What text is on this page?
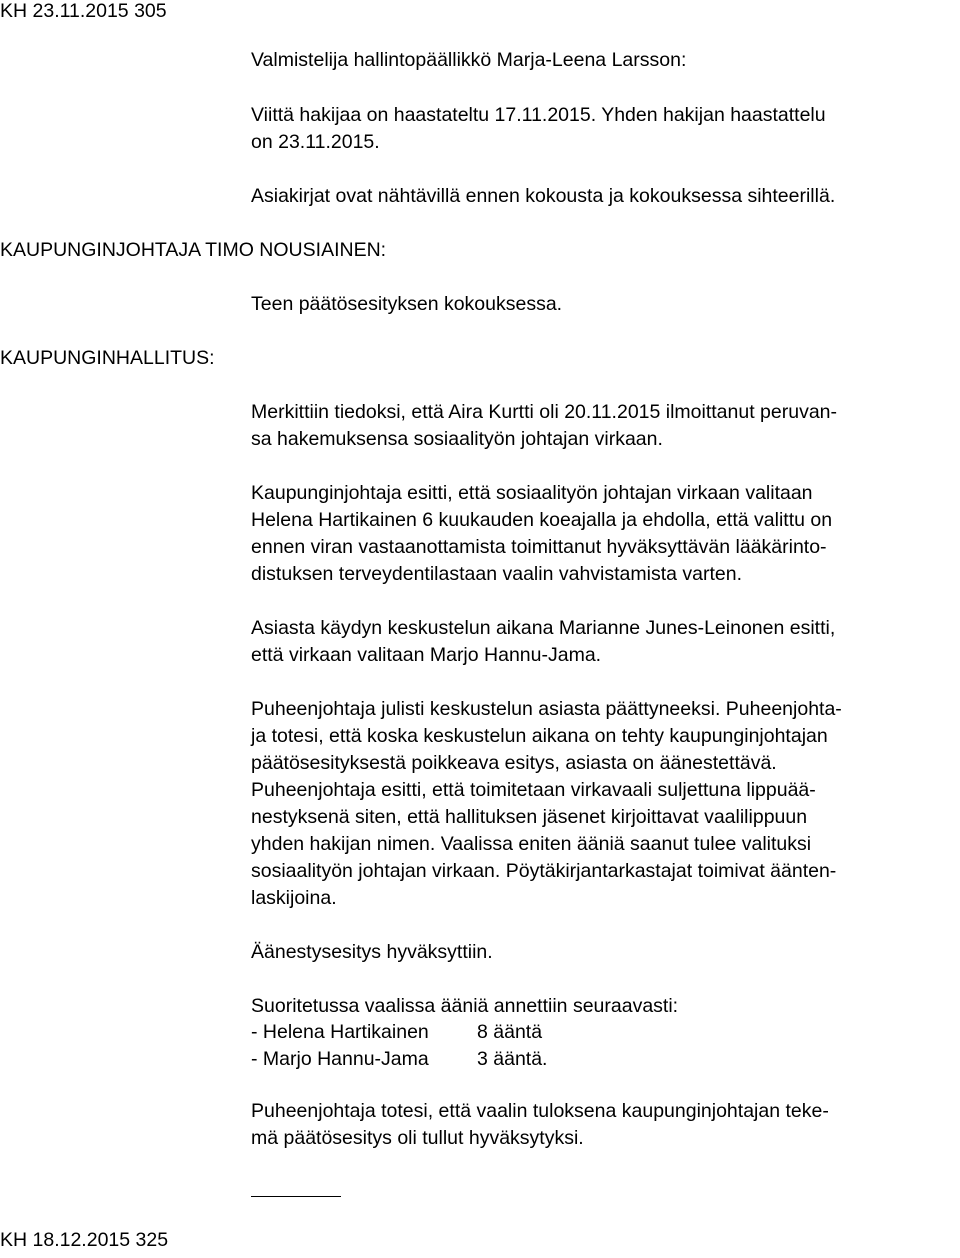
KH 23.11.2015 305
Valmistelija hallintopäällikkö Marja-Leena Larsson:
Viittä hakijaa on haastateltu 17.11.2015. Yhden hakijan haastattelu
on 23.11.2015.
Asiakirjat ovat nähtävillä ennen kokousta ja kokouksessa sihteerillä.
KAUPUNGINJOHTAJA TIMO NOUSIAINEN:
Teen päätösesityksen kokouksessa.
KAUPUNGINHALLITUS:
Merkittiin tiedoksi, että Aira Kurtti oli 20.11.2015 ilmoittanut peruvan-
sa hakemuksensa sosiaalityön johtajan virkaan.
Kaupunginjohtaja esitti, että sosiaalityön johtajan virkaan valitaan
Helena Hartikainen 6 kuukauden koeajalla ja ehdolla, että valittu on
ennen viran vastaanottamista toimittanut hyväksyttävän lääkärinto-
distuksen terveydentilastaan vaalin vahvistamista varten.
Asiasta käydyn keskustelun aikana Marianne Junes-Leinonen esitti,
että virkaan valitaan Marjo Hannu-Jama.
Puheenjohtaja julisti keskustelun asiasta päättyneeksi. Puheenjohta-
ja totesi, että koska keskustelun aikana on tehty kaupunginjohtajan
päätösesityksestä poikkeava esitys, asiasta on äänestettävä.
Puheenjohtaja esitti, että toimitetaan virkavaali suljettuna lippuää-
nestyksenä siten, että hallituksen jäsenet kirjoittavat vaalilippuun
yhden hakijan nimen. Vaalissa eniten ääniä saanut tulee valituksi
sosiaalityön johtajan virkaan. Pöytäkirjantarkastajat toimivat äänten-
laskijoina.
Äänestysesitys hyväksyttiin.
Suoritetussa vaalissa ääniä annettiin seuraavasti:
- Helena Hartikainen 8 ääntä
- Marjo Hannu-Jama 3 ääntä.
Puheenjohtaja totesi, että vaalin tuloksena kaupunginjohtajan teke-
mä päätösesitys oli tullut hyväksytyksi.
KH 18.12.2015 325
